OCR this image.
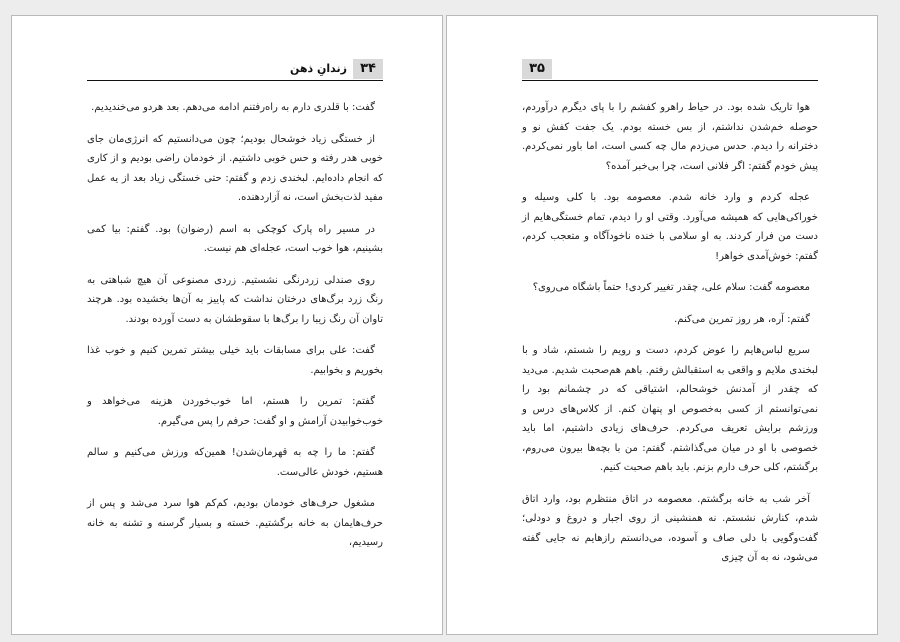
۳۴
زندانِ ذهن

گفت: با قلدری دارم به راه‌رفتنم ادامه می‌دهم. بعد هردو می‌خندیدیم.

از خستگی زیاد خوشحال بودیم؛ چون می‌دانستیم که انرژی‌مان جای خوبی هدر رفته و حس خوبی داشتیم. از خودمان راضی بودیم و از کاری که انجام داده‌ایم. لبخندی زدم و گفتم: حتی خستگی زیاد بعد از یه عمل مفید لذت‌بخش است، نه آزاردهنده.

در مسیر راه پارک کوچکی به اسم (رضوان) بود. گفتم: بیا کمی بشینیم، هوا خوب است، عجله‌ای هم نیست.

روی صندلی زردرنگی نشستیم. زردی مصنوعی آن هیچ شباهتی به رنگ زرد برگ‌های درختان نداشت که پاییز به آن‌ها بخشیده بود. هرچند تاوان آن رنگ زیبا را برگ‌ها با سقوطشان به دست آورده بودند.

گفت: علی برای مسابقات باید خیلی بیشتر تمرین کنیم و خوب غذا بخوریم و بخوابیم.

گفتم: تمرین را هستم، اما خوب‌خوردن هزینه می‌خواهد و خوب‌خوابیدن آرامش و او گفت: حرفم را پس می‌گیرم.

گفتم: ما را چه به قهرمان‌شدن! همین‌که ورزش می‌کنیم و سالم هستیم، خودش عالی‌ست.

مشغول حرف‌های خودمان بودیم، کم‌کم هوا سرد می‌شد و پس از حرف‌هایمان به خانه برگشتیم. خسته و بسیار گرسنه و تشنه به خانه رسیدیم،

۳۵

هوا تاریک شده بود. در حیاط راهرو کفشم را با پای دیگرم درآوردم، حوصله خم‌شدن نداشتم، از بس خسته بودم. یک جفت کفش نو و دخترانه را دیدم. حدس می‌زدم مال چه کسی است، اما باور نمی‌کردم. پیش خودم گفتم: اگر فلانی است، چرا بی‌خبر آمده؟

عجله کردم و وارد خانه شدم. معصومه بود. با کلی وسیله و خوراکی‌هایی که همیشه می‌آورد. وقتی او را دیدم، تمام خستگی‌هایم از دست من فرار کردند. به او سلامی با خنده ناخودآگاه و متعجب کردم، گفتم: خوش‌آمدی خواهر!

معصومه گفت: سلام علی، چقدر تغییر کردی! حتماً باشگاه می‌روی؟

گفتم: آره، هر روز تمرین می‌کنم.

سریع لباس‌هایم را عوض کردم، دست و رویم را شستم، شاد و با لبخندی ملایم و واقعی به استقبالش رفتم. باهم هم‌صحبت شدیم. می‌دید که چقدر از آمدنش خوشحالم، اشتیاقی که در چشمانم بود را نمی‌توانستم از کسی به‌خصوص او پنهان کنم. از کلاس‌های درس و ورزشم برایش تعریف می‌کردم. حرف‌های زیادی داشتیم، اما باید خصوصی با او در میان می‌گذاشتم. گفتم: من با بچه‌ها بیرون می‌روم، برگشتم، کلی حرف دارم بزنم. باید باهم صحبت کنیم.

آخر شب به خانه برگشتم. معصومه در اتاق منتظرم بود، وارد اتاق شدم، کنارش نشستم. نه همنشینی از روی اجبار و دروغ و دودلی؛ گفت‌وگویی با دلی صاف و آسوده، می‌دانستم رازهایم نه جایی گفته می‌شود، نه به آن چیزی
